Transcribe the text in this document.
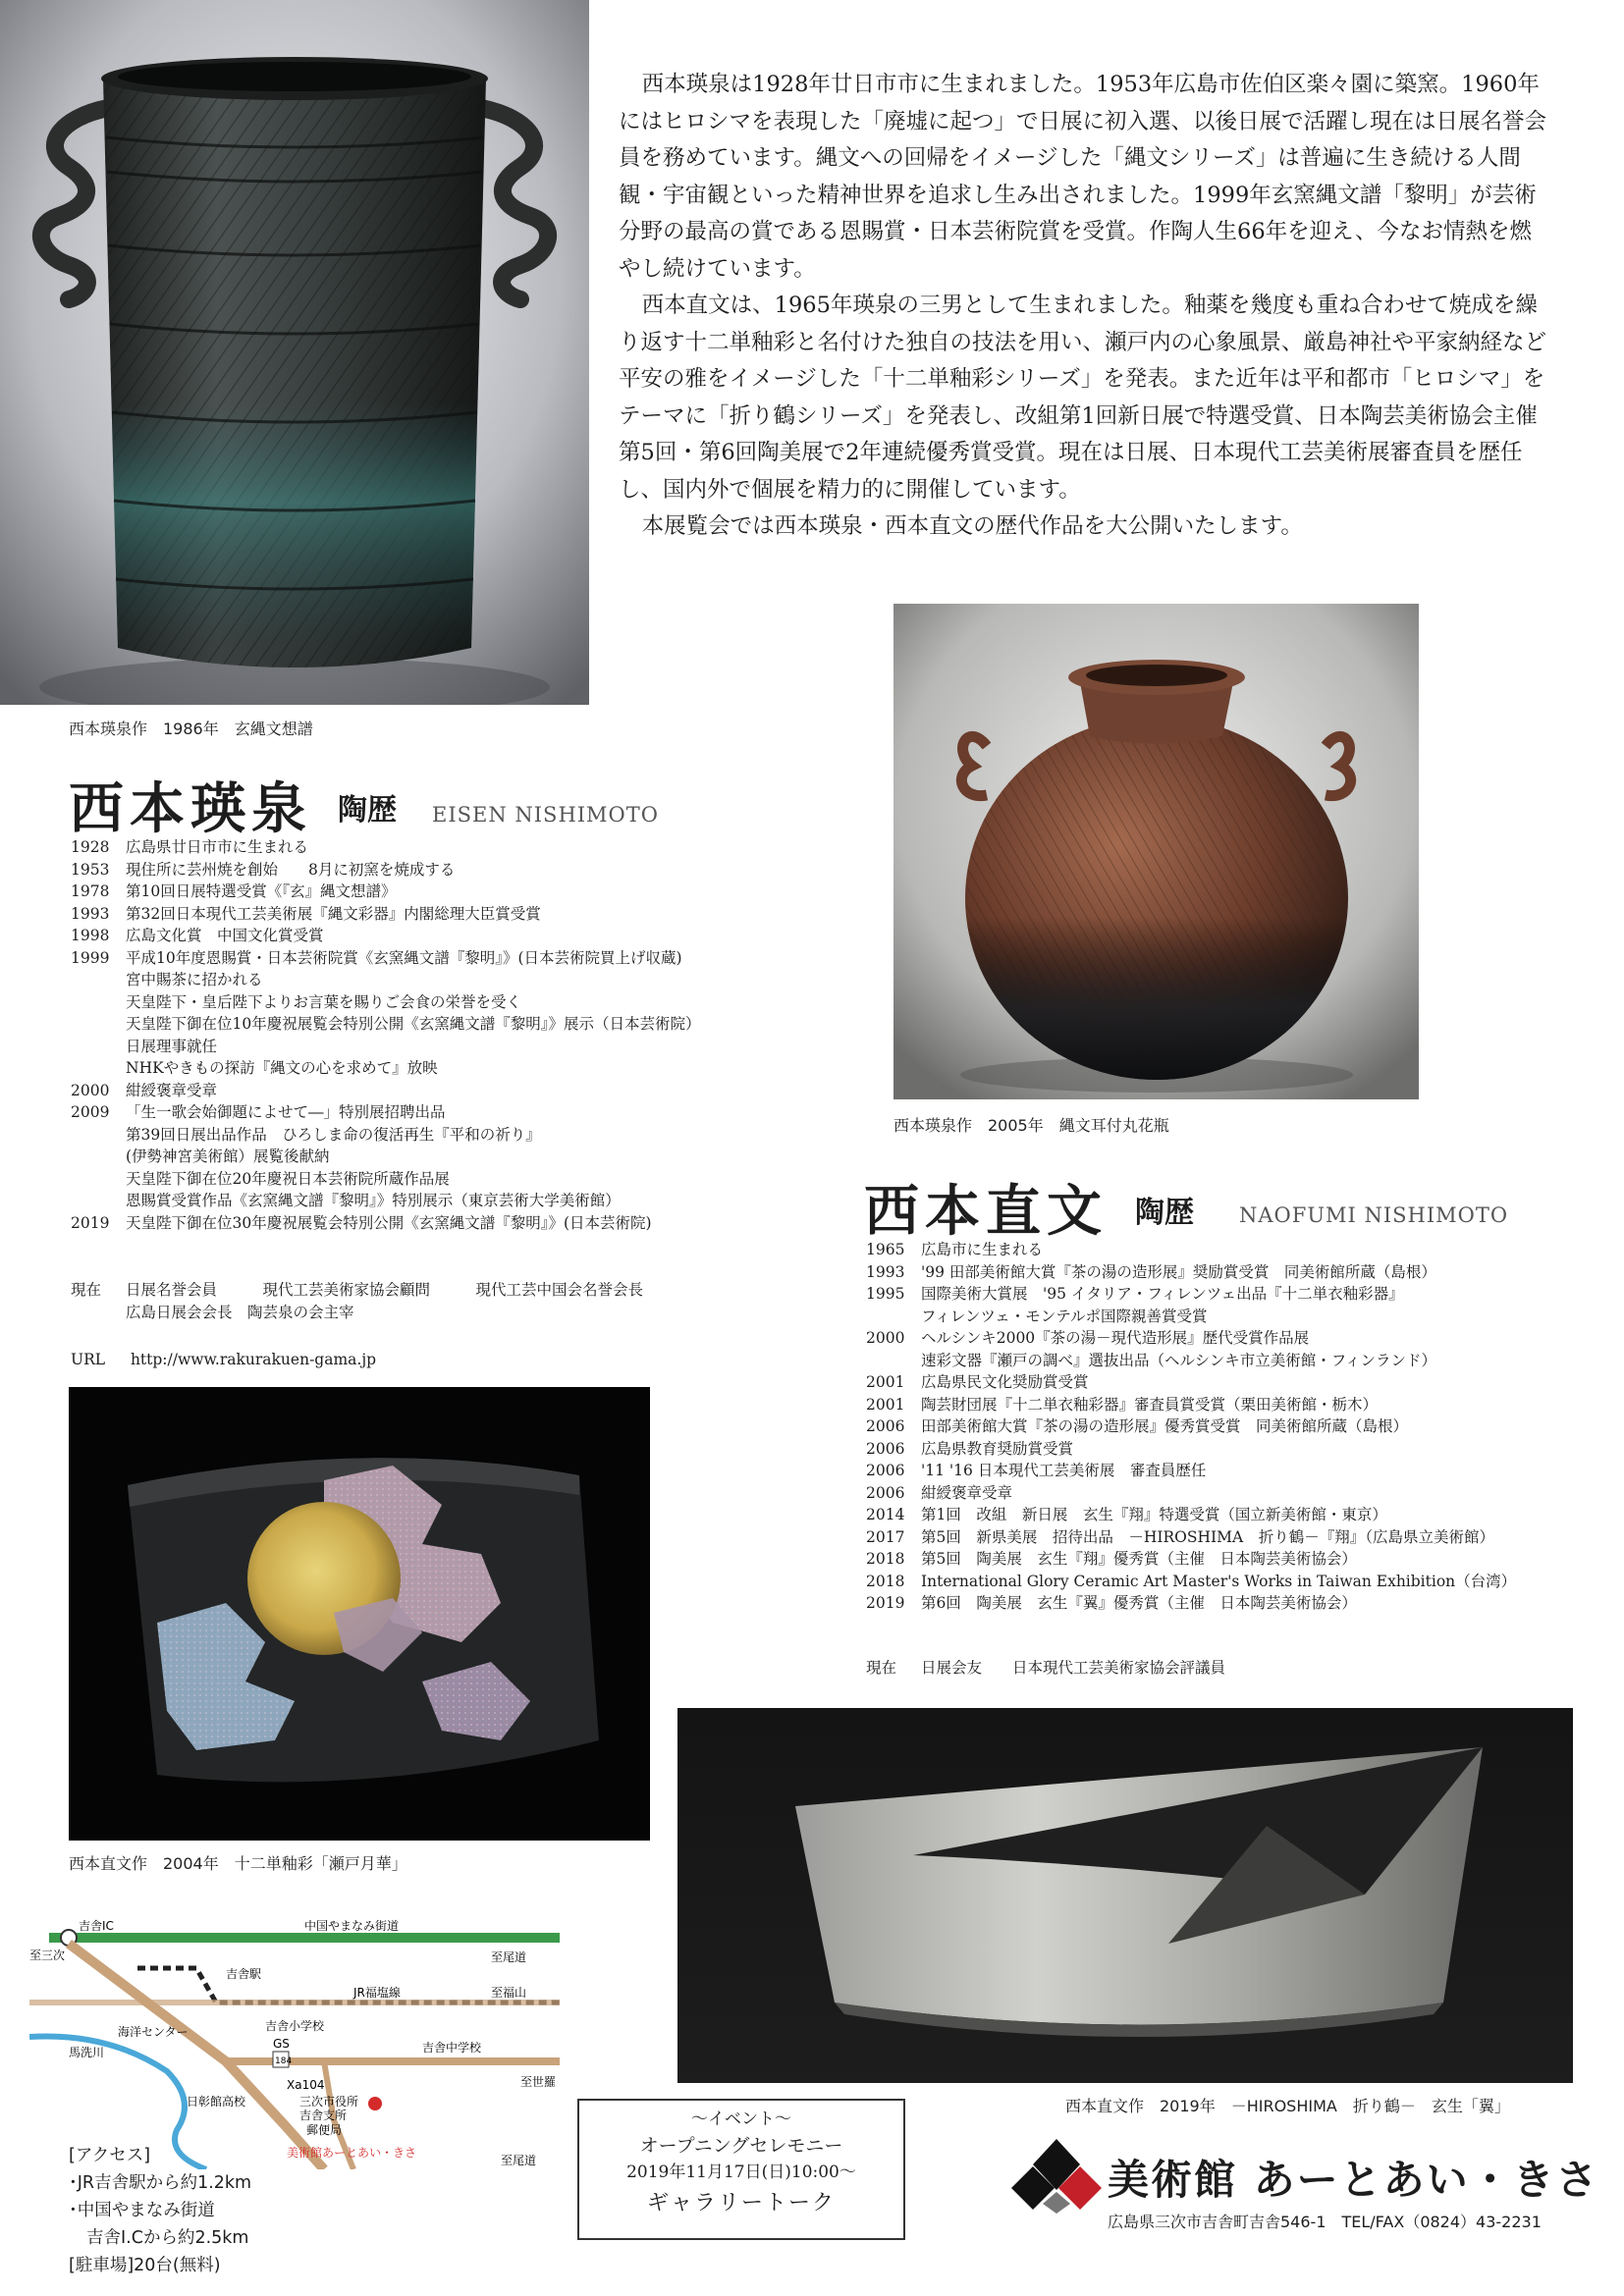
西本瑛泉作　1986年　玄縄文想譜

西本瑛泉は1928年廿日市市に生まれました。1953年広島市佐伯区楽々園に築窯。1960年にはヒロシマを表現した「廃墟に起つ」で日展に初入選、以後日展で活躍し現在は日展名誉会員を務めています。縄文への回帰をイメージした「縄文シリーズ」は普遍に生き続ける人間観・宇宙観といった精神世界を追求し生み出されました。1999年玄窯縄文譜「黎明」が芸術分野の最高の賞である恩賜賞・日本芸術院賞を受賞。作陶人生66年を迎え、今なお情熱を燃やし続けています。

西本直文は、1965年瑛泉の三男として生まれました。釉薬を幾度も重ね合わせて焼成を繰り返す十二単釉彩と名付けた独自の技法を用い、瀬戸内の心象風景、厳島神社や平家納経など平安の雅をイメージした「十二単釉彩シリーズ」を発表。また近年は平和都市「ヒロシマ」をテーマに「折り鶴シリーズ」を発表し、改組第1回新日展で特選受賞、日本陶芸美術協会主催第5回・第6回陶美展で2年連続優秀賞受賞。現在は日展、日本現代工芸美術展審査員を歴任し、国内外で個展を精力的に開催しています。

本展覧会では西本瑛泉・西本直文の歴代作品を大公開いたします。

西本瑛泉作　2005年　縄文耳付丸花瓶
西本瑛泉 陶歴 EISEN NISHIMOTO
1928	広島県廿日市市に生まれる
1953	現住所に芸州焼を創始　　8月に初窯を焼成する
1978	第10回日展特選受賞《『玄』縄文想譜》
1993	第32回日本現代工芸美術展『縄文彩器』内閣総理大臣賞受賞
1998	広島文化賞　中国文化賞受賞
1999	平成10年度恩賜賞・日本芸術院賞《玄窯縄文譜『黎明』》(日本芸術院買上げ収蔵)
宮中賜茶に招かれる
天皇陛下・皇后陛下よりお言葉を賜りご会食の栄誉を受く
天皇陛下御在位10年慶祝展覧会特別公開《玄窯縄文譜『黎明』》展示（日本芸術院）
日展理事就任
NHKやきもの探訪『縄文の心を求めて』放映
2000	紺綬褒章受章
2009	「生一歌会始御題によせて―」特別展招聘出品
第39回日展出品作品　ひろしま命の復活再生『平和の祈り』
(伊勢神宮美術館）展覧後献納
天皇陛下御在位20年慶祝日本芸術院所蔵作品展
恩賜賞受賞作品《玄窯縄文譜『黎明』》特別展示（東京芸術大学美術館）
2019	天皇陛下御在位30年慶祝展覧会特別公開《玄窯縄文譜『黎明』》(日本芸術院)
現在	日展名誉会員　　　現代工芸美術家協会顧問　　　現代工芸中国会名誉会長
広島日展会会長　陶芸泉の会主宰
URL http://www.rakurakuen-gama.jp
西本直文作　2004年　十二単釉彩「瀬戸月華」
西本直文 陶歴 NAOFUMI NISHIMOTO
1965	広島市に生まれる
1993	'99 田部美術館大賞『茶の湯の造形展』奨励賞受賞　同美術館所蔵（島根）
1995	国際美術大賞展　'95 イタリア・フィレンツェ出品『十二単衣釉彩器』
フィレンツェ・モンテルポ国際親善賞受賞
2000	ヘルシンキ2000『茶の湯－現代造形展』歴代受賞作品展
速彩文器『瀬戸の調べ』選抜出品（ヘルシンキ市立美術館・フィンランド）
2001	広島県民文化奨励賞受賞
2001	陶芸財団展『十二単衣釉彩器』審査員賞受賞（栗田美術館・栃木）
2006	田部美術館大賞『茶の湯の造形展』優秀賞受賞　同美術館所蔵（島根）
2006	広島県教育奨励賞受賞
2006	'11 '16 日本現代工芸美術展　審査員歴任
2006	紺綬褒章受章
2014	第1回　改組　新日展　玄生『翔』特選受賞（国立新美術館・東京）
2017	第5回　新県美展　招待出品　－HIROSHIMA　折り鶴－『翔』（広島県立美術館）
2018	第5回　陶美展　玄生『翔』優秀賞（主催　日本陶芸美術協会）
2018	International Glory Ceramic Art Master's Works in Taiwan Exhibition（台湾）
2019	第6回　陶美展　玄生『翼』優秀賞（主催　日本陶芸美術協会）
現在	日展会友　　日本現代工芸美術家協会評議員
西本直文作　2019年　－HIROSHIMA　折り鶴－　玄生「翼」
吉舎IC	中国やまなみ街道
至三次	至尾道
吉舎駅
JR福塩線	至福山
海洋センター	吉舎小学校
GS
馬洗川
184
吉舎中学校
至世羅
Xa104
日彰館高校	三次市役所
吉舎支所
郵便局
美術館あーとあい・きさ
至尾道
[アクセス]
･JR吉舎駅から約1.2km
･中国やまなみ街道
吉舎I.Cから約2.5km
[駐車場]20台(無料)
～イベント～
オープニングセレモニー
2019年11月17日(日)10:00～
ギャラリートーク	美術館 あーとあい・きさ
広島県三次市吉舎町吉舎546-1　TEL/FAX（0824）43-2231
